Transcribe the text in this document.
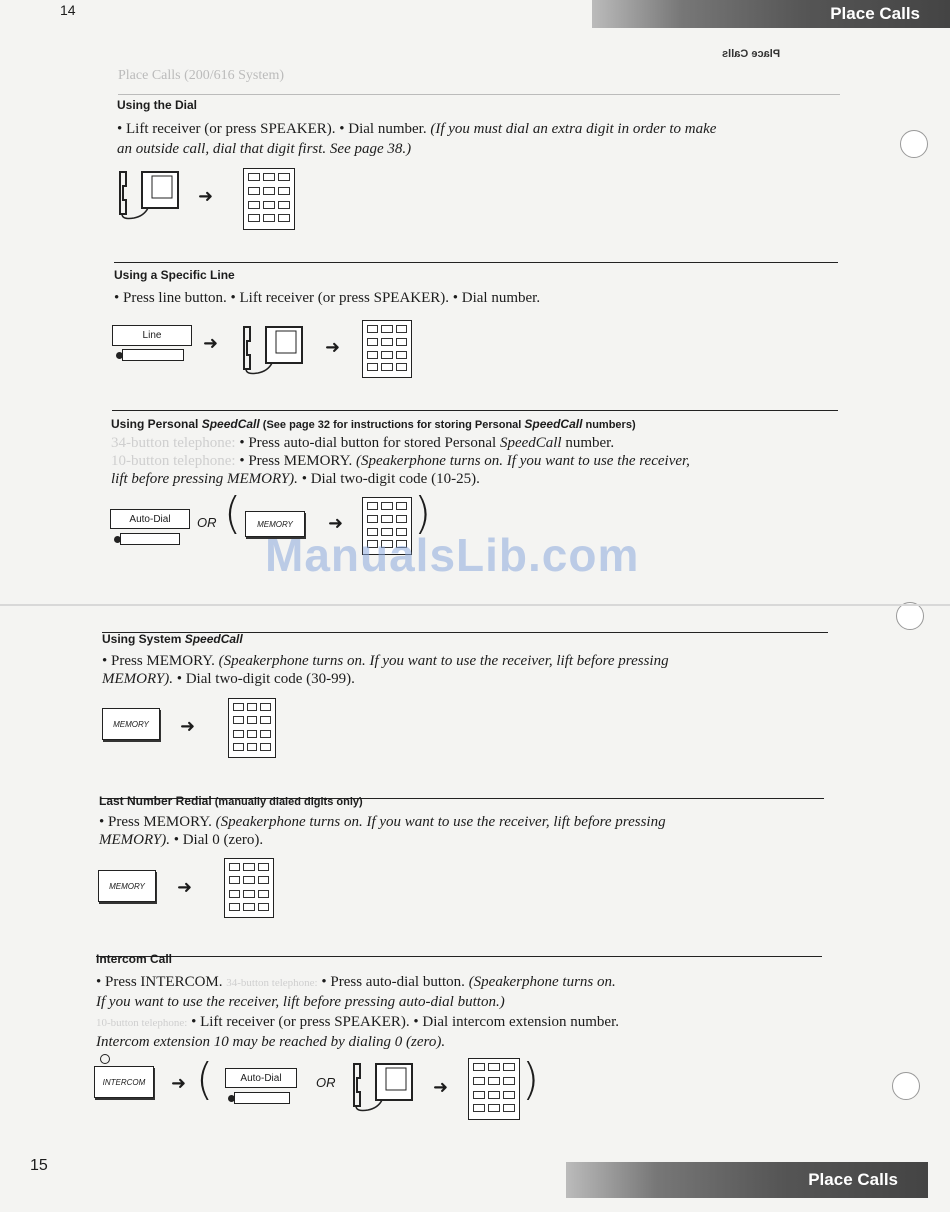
14	Place Calls
Place Calls
Place Calls (200/616 System)
Using the Dial
• Lift receiver (or press SPEAKER). • Dial number. (If you must dial an extra digit in order to make
an outside call, dial that digit first. See page 38.)
➜
Using a Specific Line
• Press line button. • Lift receiver (or press SPEAKER). • Dial number.
Line ➜	➜
Using Personal SpeedCall (See page 32 for instructions for storing Personal SpeedCall numbers)
34-button telephone: • Press auto-dial button for stored Personal SpeedCall number.
10-button telephone: • Press MEMORY. (Speakerphone turns on. If you want to use the receiver,
lift before pressing MEMORY). • Dial two-digit code (10-25).
Auto-Dial OR ( MEMORY ➜ )
ManualsLib.com
Using System SpeedCall
• Press MEMORY. (Speakerphone turns on. If you want to use the receiver, lift before pressing
MEMORY). • Dial two-digit code (30-99).
MEMORY ➜
Last Number Redial (manually dialed digits only)
• Press MEMORY. (Speakerphone turns on. If you want to use the receiver, lift before pressing
MEMORY). • Dial 0 (zero).
MEMORY ➜
Intercom Call
• Press INTERCOM. 34-button telephone: • Press auto-dial button. (Speakerphone turns on.
If you want to use the receiver, lift before pressing auto-dial button.)
10-button telephone: • Lift receiver (or press SPEAKER). • Dial intercom extension number.
Intercom extension 10 may be reached by dialing 0 (zero).
INTERCOM ➜ (	Auto-Dial	OR	➜ )
15
Place Calls
